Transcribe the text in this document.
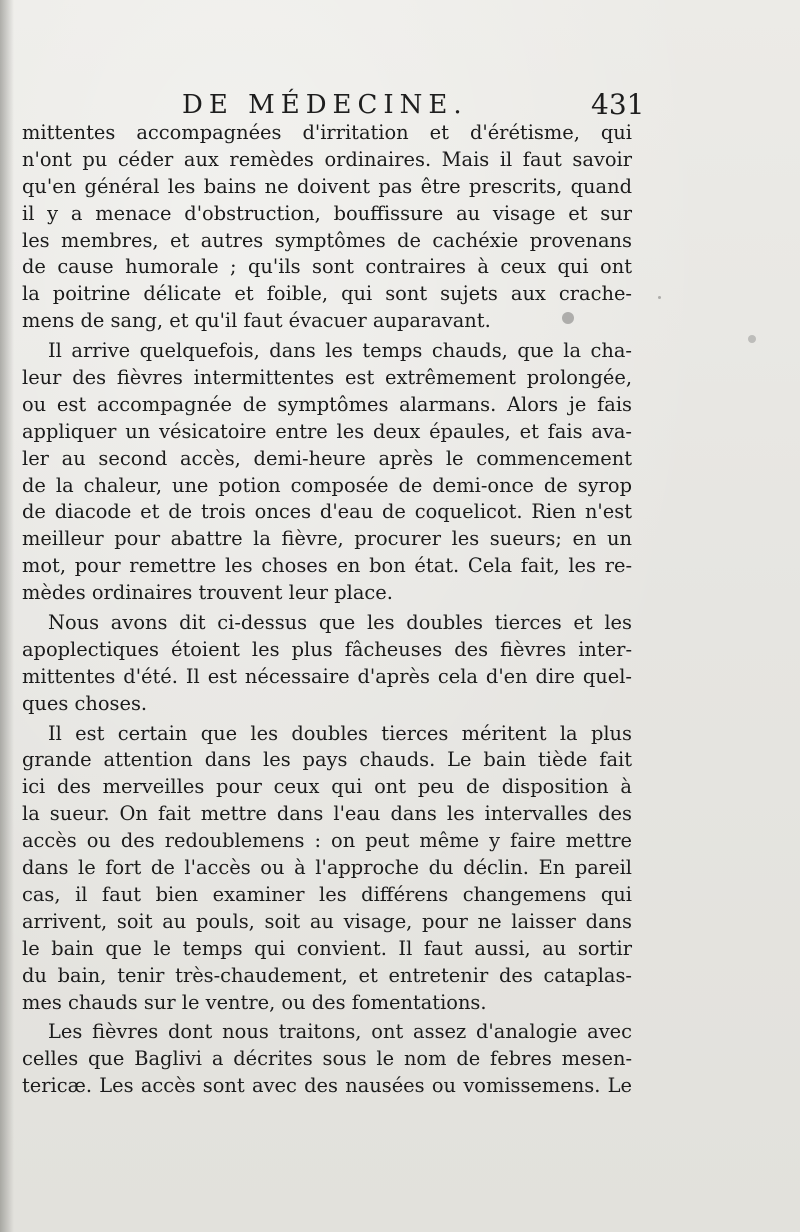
DE MÉDECINE.	431
mittentes accompagnées d'irritation et d'érétisme, qui
n'ont pu céder aux remèdes ordinaires. Mais il faut savoir
qu'en général les bains ne doivent pas être prescrits, quand
il y a menace d'obstruction, bouffissure au visage et sur
les membres, et autres symptômes de cachéxie provenans
de cause humorale ; qu'ils sont contraires à ceux qui ont
la poitrine délicate et foible, qui sont sujets aux crache-
mens de sang, et qu'il faut évacuer auparavant.
Il arrive quelquefois, dans les temps chauds, que la cha-
leur des fièvres intermittentes est extrêmement prolongée,
ou est accompagnée de symptômes alarmans. Alors je fais
appliquer un vésicatoire entre les deux épaules, et fais ava-
ler au second accès, demi-heure après le commencement
de la chaleur, une potion composée de demi-once de syrop
de diacode et de trois onces d'eau de coquelicot. Rien n'est
meilleur pour abattre la fièvre, procurer les sueurs; en un
mot, pour remettre les choses en bon état. Cela fait, les re-
mèdes ordinaires trouvent leur place.
Nous avons dit ci-dessus que les doubles tierces et les
apoplectiques étoient les plus fâcheuses des fièvres inter-
mittentes d'été. Il est nécessaire d'après cela d'en dire quel-
ques choses.
Il est certain que les doubles tierces méritent la plus
grande attention dans les pays chauds. Le bain tiède fait
ici des merveilles pour ceux qui ont peu de disposition à
la sueur. On fait mettre dans l'eau dans les intervalles des
accès ou des redoublemens : on peut même y faire mettre
dans le fort de l'accès ou à l'approche du déclin. En pareil
cas, il faut bien examiner les différens changemens qui
arrivent, soit au pouls, soit au visage, pour ne laisser dans
le bain que le temps qui convient. Il faut aussi, au sortir
du bain, tenir très-chaudement, et entretenir des cataplas-
mes chauds sur le ventre, ou des fomentations.
Les fièvres dont nous traitons, ont assez d'analogie avec
celles que Baglivi a décrites sous le nom de febres mesen-
tericæ. Les accès sont avec des nausées ou vomissemens. Le
